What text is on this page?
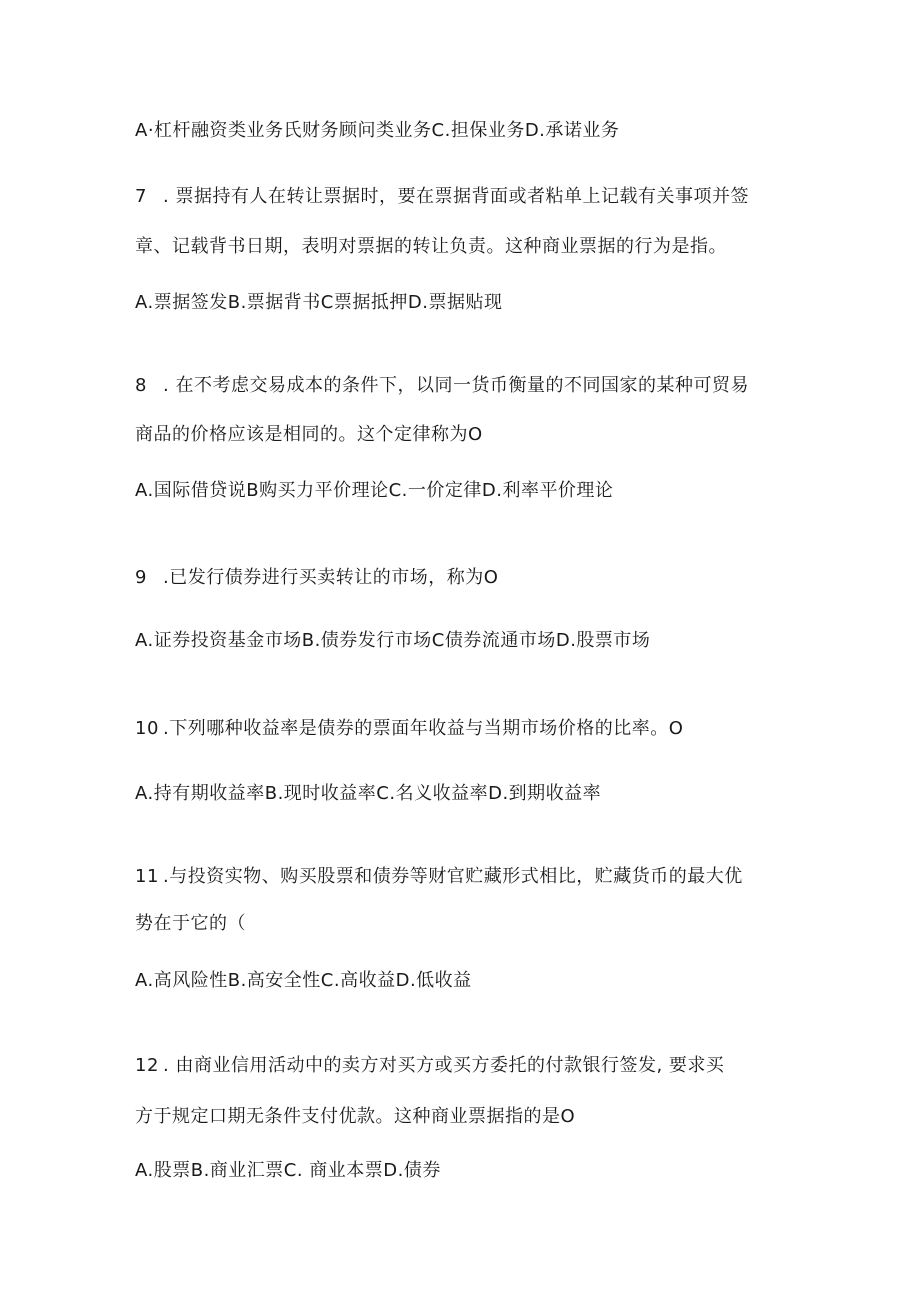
A·杠杆融资类业务氏财务顾问类业务C.担保业务D.承诺业务
7 . 票据持有人在转让票据时，要在票据背面或者粘单上记载有关事项并签
章、记载背书日期，表明对票据的转让负责。这种商业票据的行为是指。
A.票据签发B.票据背书C票据抵押D.票据贴现
8 . 在不考虑交易成本的条件下，以同一货币衡量的不同国家的某种可贸易
商品的价格应该是相同的。这个定律称为O
A.国际借贷说B购买力平价理论C.一价定律D.利率平价理论
9 .已发行债券进行买卖转让的市场，称为O
A.证券投资基金市场B.债券发行市场C债券流通市场D.股票市场
10 .下列哪种收益率是债券的票面年收益与当期市场价格的比率。O
A.持有期收益率B.现时收益率C.名义收益率D.到期收益率
11 .与投资实物、购买股票和债券等财官贮藏形式相比，贮藏货币的最大优
势在于它的（
A.高风险性B.高安全性C.高收益D.低收益
12 . 由商业信用活动中的卖方对买方或买方委托的付款银行签发, 要求买
方于规定口期无条件支付优款。这种商业票据指的是O
A.股票B.商业汇票C. 商业本票D.债券
